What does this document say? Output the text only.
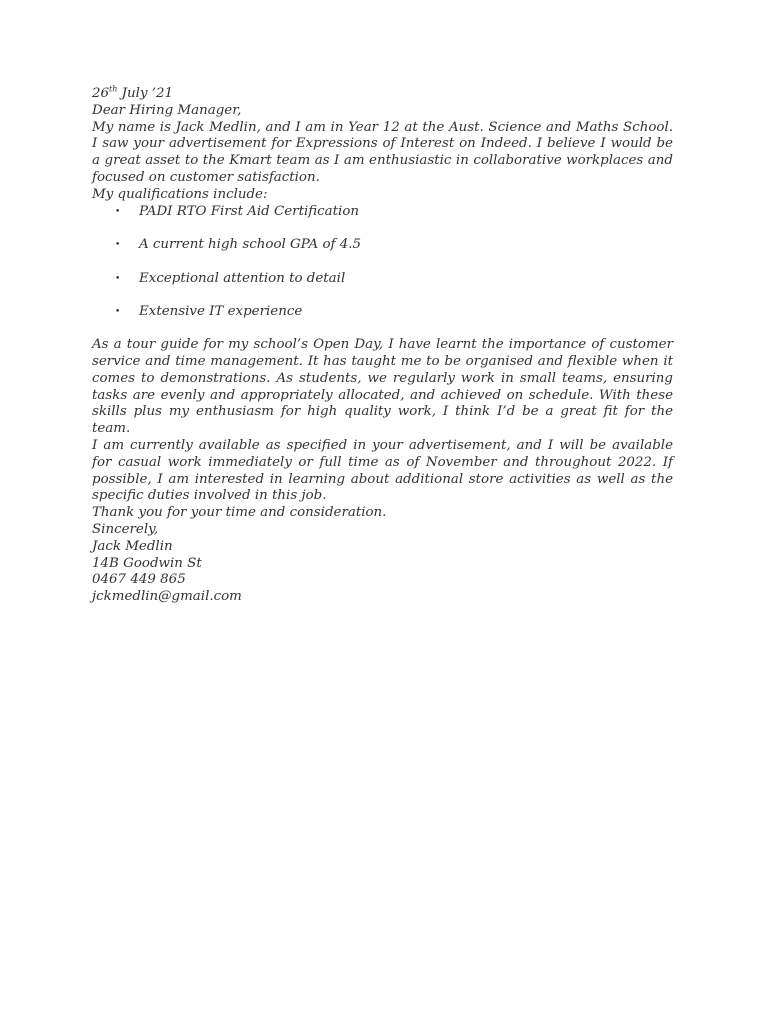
26th July ’21

Dear Hiring Manager,

My name is Jack Medlin, and I am in Year 12 at the Aust. Science and Maths School. I saw your advertisement for Expressions of Interest on Indeed. I believe I would be a great asset to the Kmart team as I am enthusiastic in collaborative workplaces and focused on customer satisfaction.

My qualifications include:

• PADI RTO First Aid Certification
• A current high school GPA of 4.5
• Exceptional attention to detail
• Extensive IT experience

As a tour guide for my school’s Open Day, I have learnt the importance of customer service and time management. It has taught me to be organised and flexible when it comes to demonstrations. As students, we regularly work in small teams, ensuring tasks are evenly and appropriately allocated, and achieved on schedule. With these skills plus my enthusiasm for high quality work, I think I’d be a great fit for the team.

I am currently available as specified in your advertisement, and I will be available for casual work immediately or full time as of November and throughout 2022. If possible, I am interested in learning about additional store activities as well as the specific duties involved in this job.

Thank you for your time and consideration.

Sincerely,

Jack Medlin

14B Goodwin St

0467 449 865

jckmedlin@gmail.com
